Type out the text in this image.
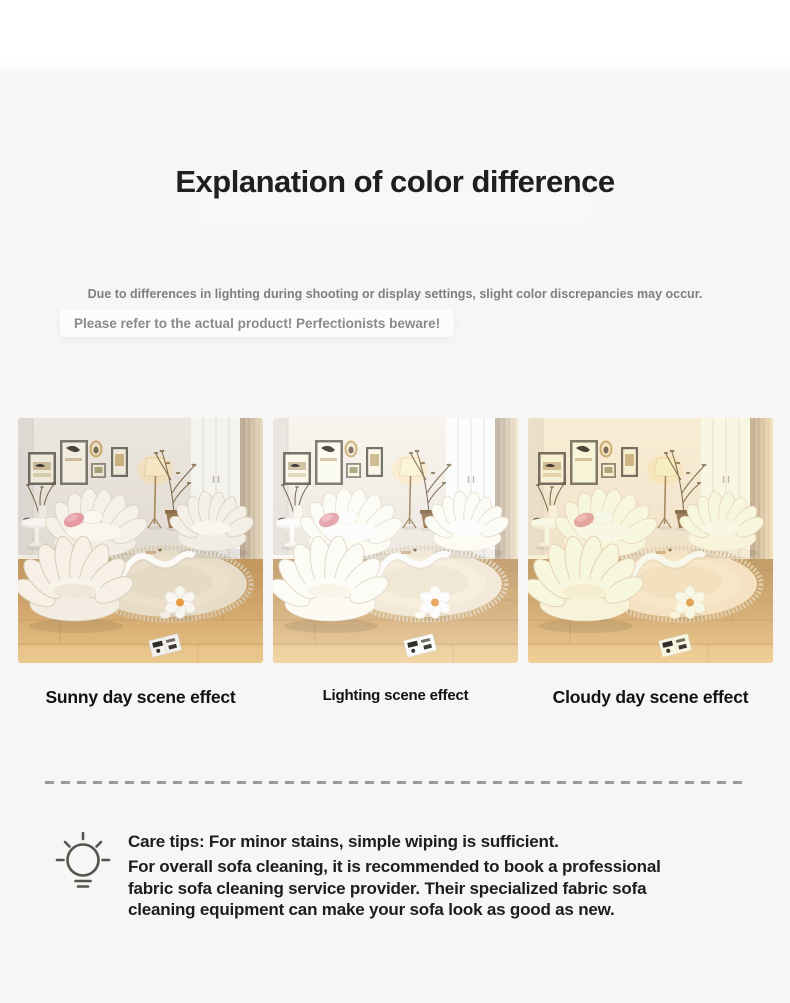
Explanation of color difference

Due to differences in lighting during shooting or display settings, slight color discrepancies may occur.

Please refer to the actual product! Perfectionists beware!
Sunny day scene effect	Lighting scene effect	Cloudy day scene effect
Care tips: For minor stains, simple wiping is sufficient.
For overall sofa cleaning, it is recommended to book a professional fabric sofa cleaning service provider. Their specialized fabric sofa cleaning equipment can make your sofa look as good as new.
